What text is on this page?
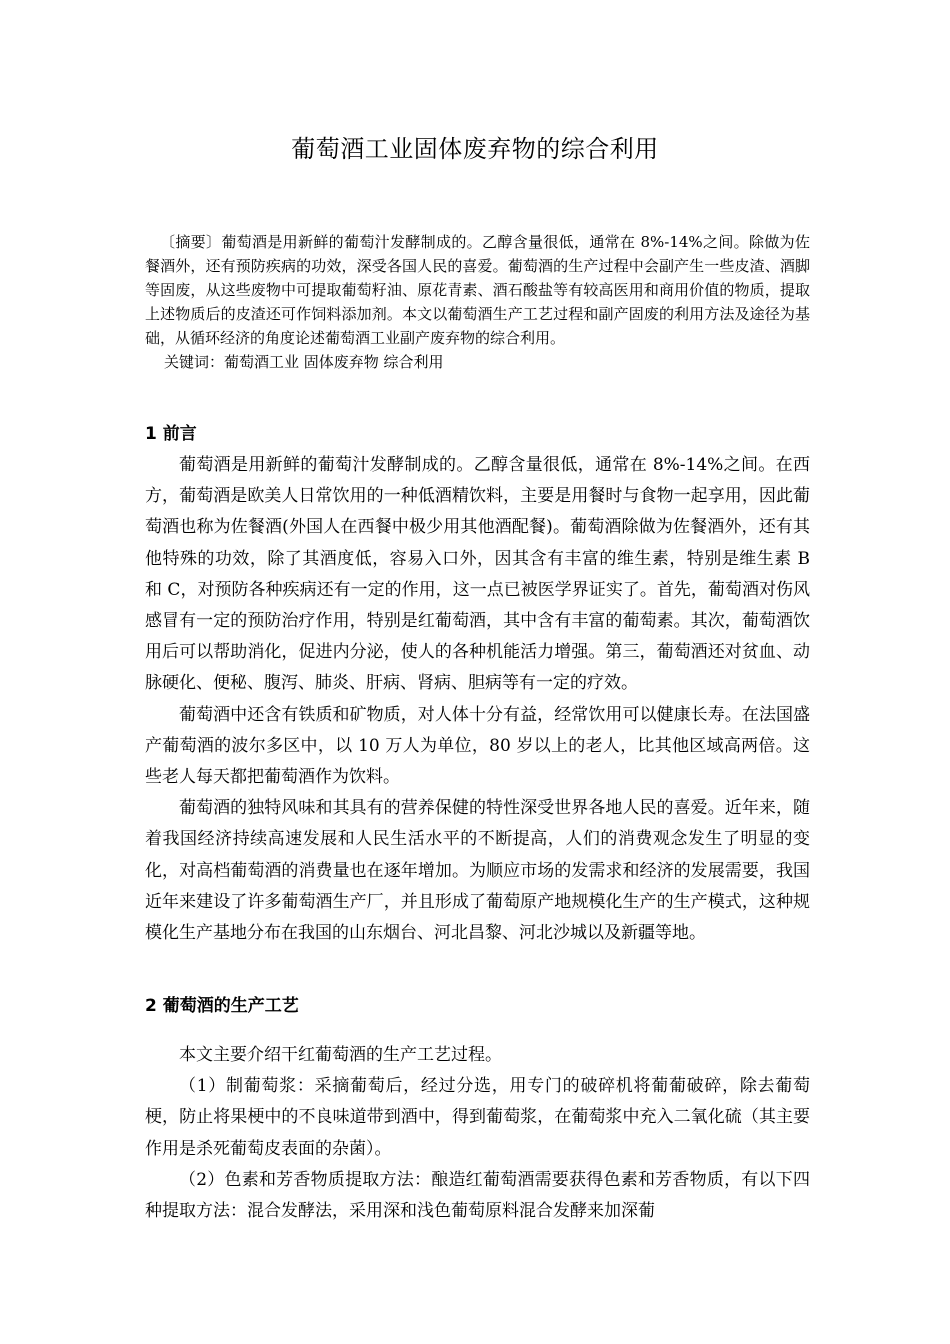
葡萄酒工业固体废弃物的综合利用

〔摘要〕葡萄酒是用新鲜的葡萄汁发酵制成的。乙醇含量很低，通常在 8%-14%之间。除做为佐餐酒外，还有预防疾病的功效，深受各国人民的喜爱。葡萄酒的生产过程中会副产生一些皮渣、酒脚等固废，从这些废物中可提取葡萄籽油、原花青素、酒石酸盐等有较高医用和商用价值的物质，提取上述物质后的皮渣还可作饲料添加剂。本文以葡萄酒生产工艺过程和副产固废的利用方法及途径为基础，从循环经济的角度论述葡萄酒工业副产废弃物的综合利用。

关键词：葡萄酒工业 固体废弃物 综合利用

1 前言

葡萄酒是用新鲜的葡萄汁发酵制成的。乙醇含量很低，通常在 8%-14%之间。在西方，葡萄酒是欧美人日常饮用的一种低酒精饮料，主要是用餐时与食物一起享用，因此葡萄酒也称为佐餐酒(外国人在西餐中极少用其他酒配餐)。葡萄酒除做为佐餐酒外，还有其他特殊的功效，除了其酒度低，容易入口外，因其含有丰富的维生素，特别是维生素 B 和 C，对预防各种疾病还有一定的作用，这一点已被医学界证实了。首先，葡萄酒对伤风感冒有一定的预防治疗作用，特别是红葡萄酒，其中含有丰富的葡萄素。其次，葡萄酒饮用后可以帮助消化，促进内分泌，使人的各种机能活力增强。第三，葡萄酒还对贫血、动脉硬化、便秘、腹泻、肺炎、肝病、肾病、胆病等有一定的疗效。

葡萄酒中还含有铁质和矿物质，对人体十分有益，经常饮用可以健康长寿。在法国盛产葡萄酒的波尔多区中，以 10 万人为单位，80 岁以上的老人，比其他区域高两倍。这些老人每天都把葡萄酒作为饮料。

葡萄酒的独特风味和其具有的营养保健的特性深受世界各地人民的喜爱。近年来，随着我国经济持续高速发展和人民生活水平的不断提高，人们的消费观念发生了明显的变化，对高档葡萄酒的消费量也在逐年增加。为顺应市场的发需求和经济的发展需要，我国近年来建设了许多葡萄酒生产厂，并且形成了葡萄原产地规模化生产的生产模式，这种规模化生产基地分布在我国的山东烟台、河北昌黎、河北沙城以及新疆等地。

2 葡萄酒的生产工艺

本文主要介绍干红葡萄酒的生产工艺过程。

（1）制葡萄浆：采摘葡萄后，经过分选，用专门的破碎机将葡葡破碎，除去葡萄梗，防止将果梗中的不良味道带到酒中，得到葡萄浆，在葡萄浆中充入二氧化硫（其主要作用是杀死葡萄皮表面的杂菌）。

（2）色素和芳香物质提取方法：酿造红葡萄酒需要获得色素和芳香物质，有以下四种提取方法：混合发酵法，采用深和浅色葡萄原料混合发酵来加深葡
